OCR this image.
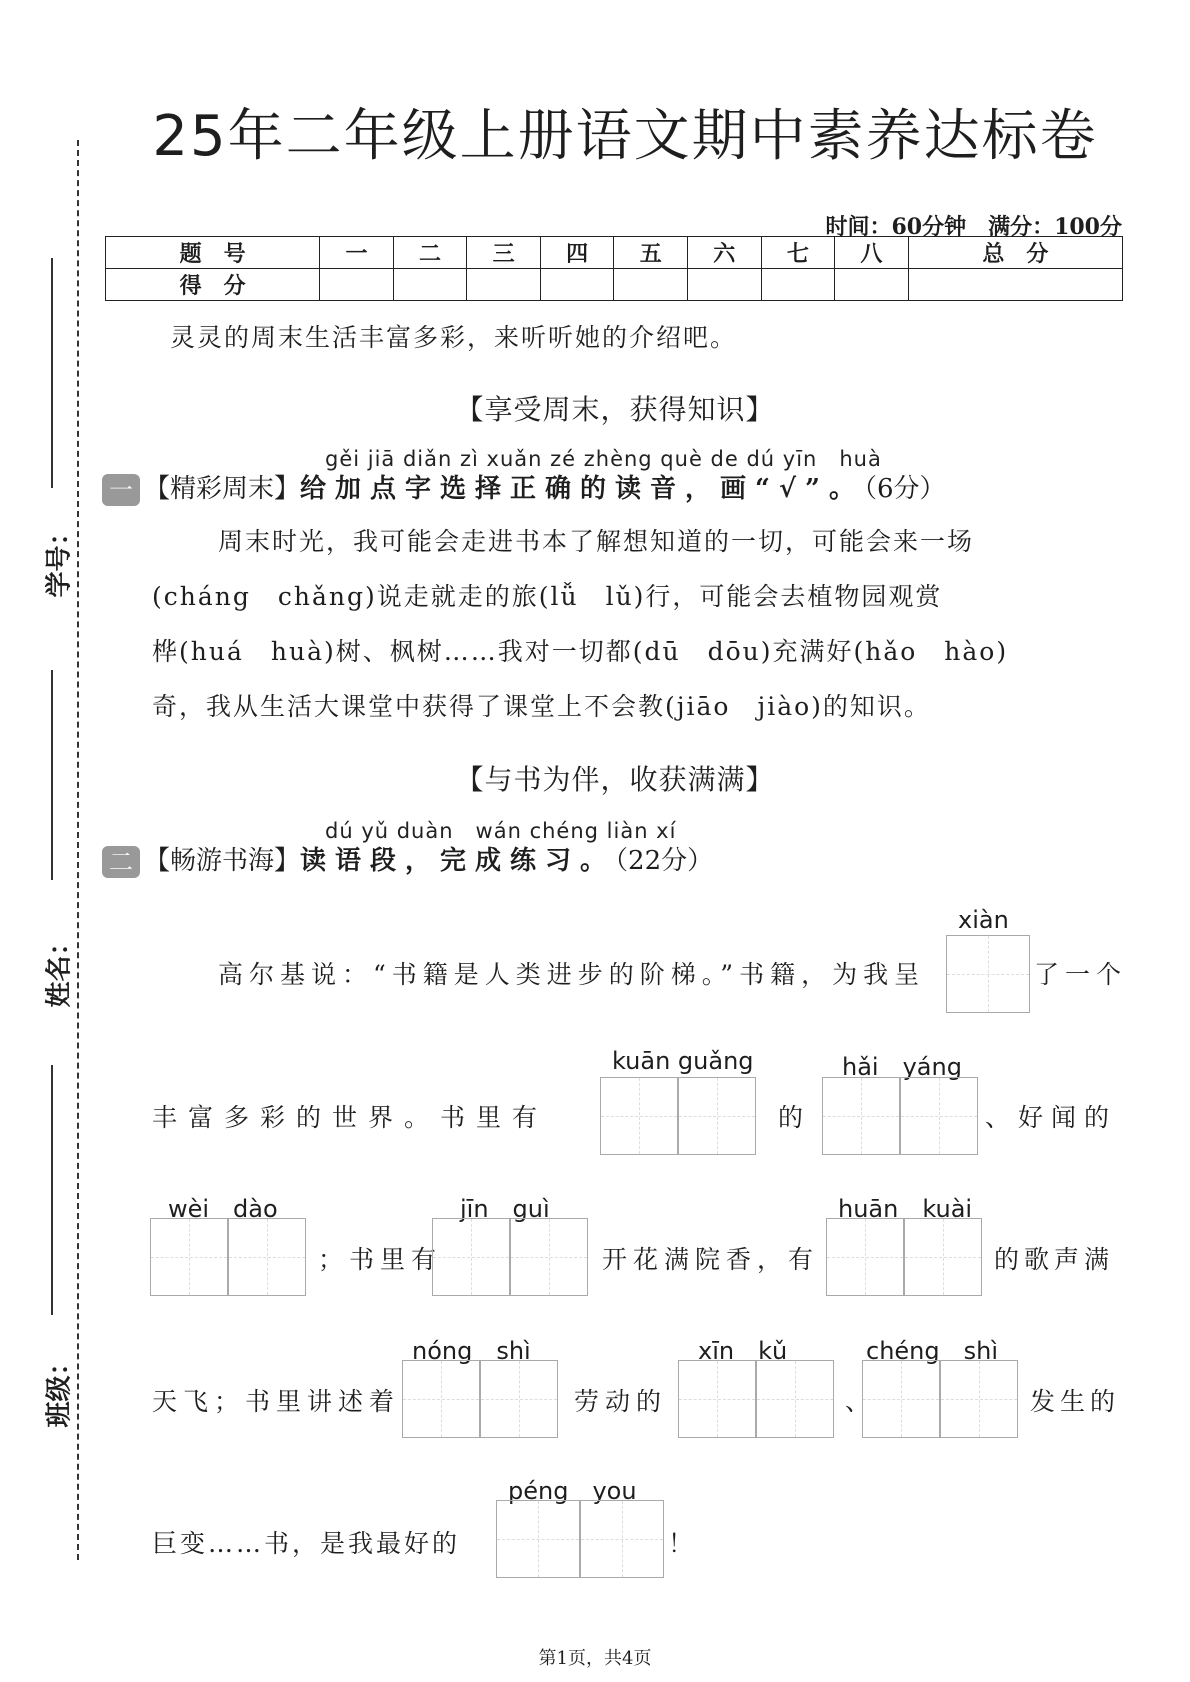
学号：
姓名：
班级：
25年二年级上册语文期中素养达标卷
时间：60分钟　满分：100分
题　号	一	二	三	四	五	六	七	八	总　分
得　分									
灵灵的周末生活丰富多彩，来听听她的介绍吧。
【享受周末，获得知识】
gěi jiā diǎn zì xuǎn zé zhèng què de dú yīn　huà
一 【精彩周末】给加点字选择正确的读音，画“√”。（6分）
周末时光，我可能会走进书本了解想知道的一切，可能会来一场
(cháng　chǎng)说走就走的旅(lǚ　lǔ)行，可能会去植物园观赏
桦(huá　huà)树、枫树……我对一切都(dū　dōu)充满好(hǎo　hào)
奇，我从生活大课堂中获得了课堂上不会教(jiāo　jiào)的知识。
【与书为伴，收获满满】
dú yǔ duàn　wán chéng liàn xí
二 【畅游书海】读语段，完成练习。（22分）
xiàn
高尔基说：“书籍是人类进步的阶梯。”书籍，为我呈	了一个
kuān guǎng	hǎi　yáng
丰富多彩的世界。书里有	的	、好闻的
wèi　dào	jīn　guì	huān　kuài
；书里有	开花满院香，有	的歌声满
nóng　shì	xīn　kǔ	chéng　shì
天飞；书里讲述着	劳动的	、	发生的
péng　you
巨变……书，是我最好的	！
第1页，共4页
